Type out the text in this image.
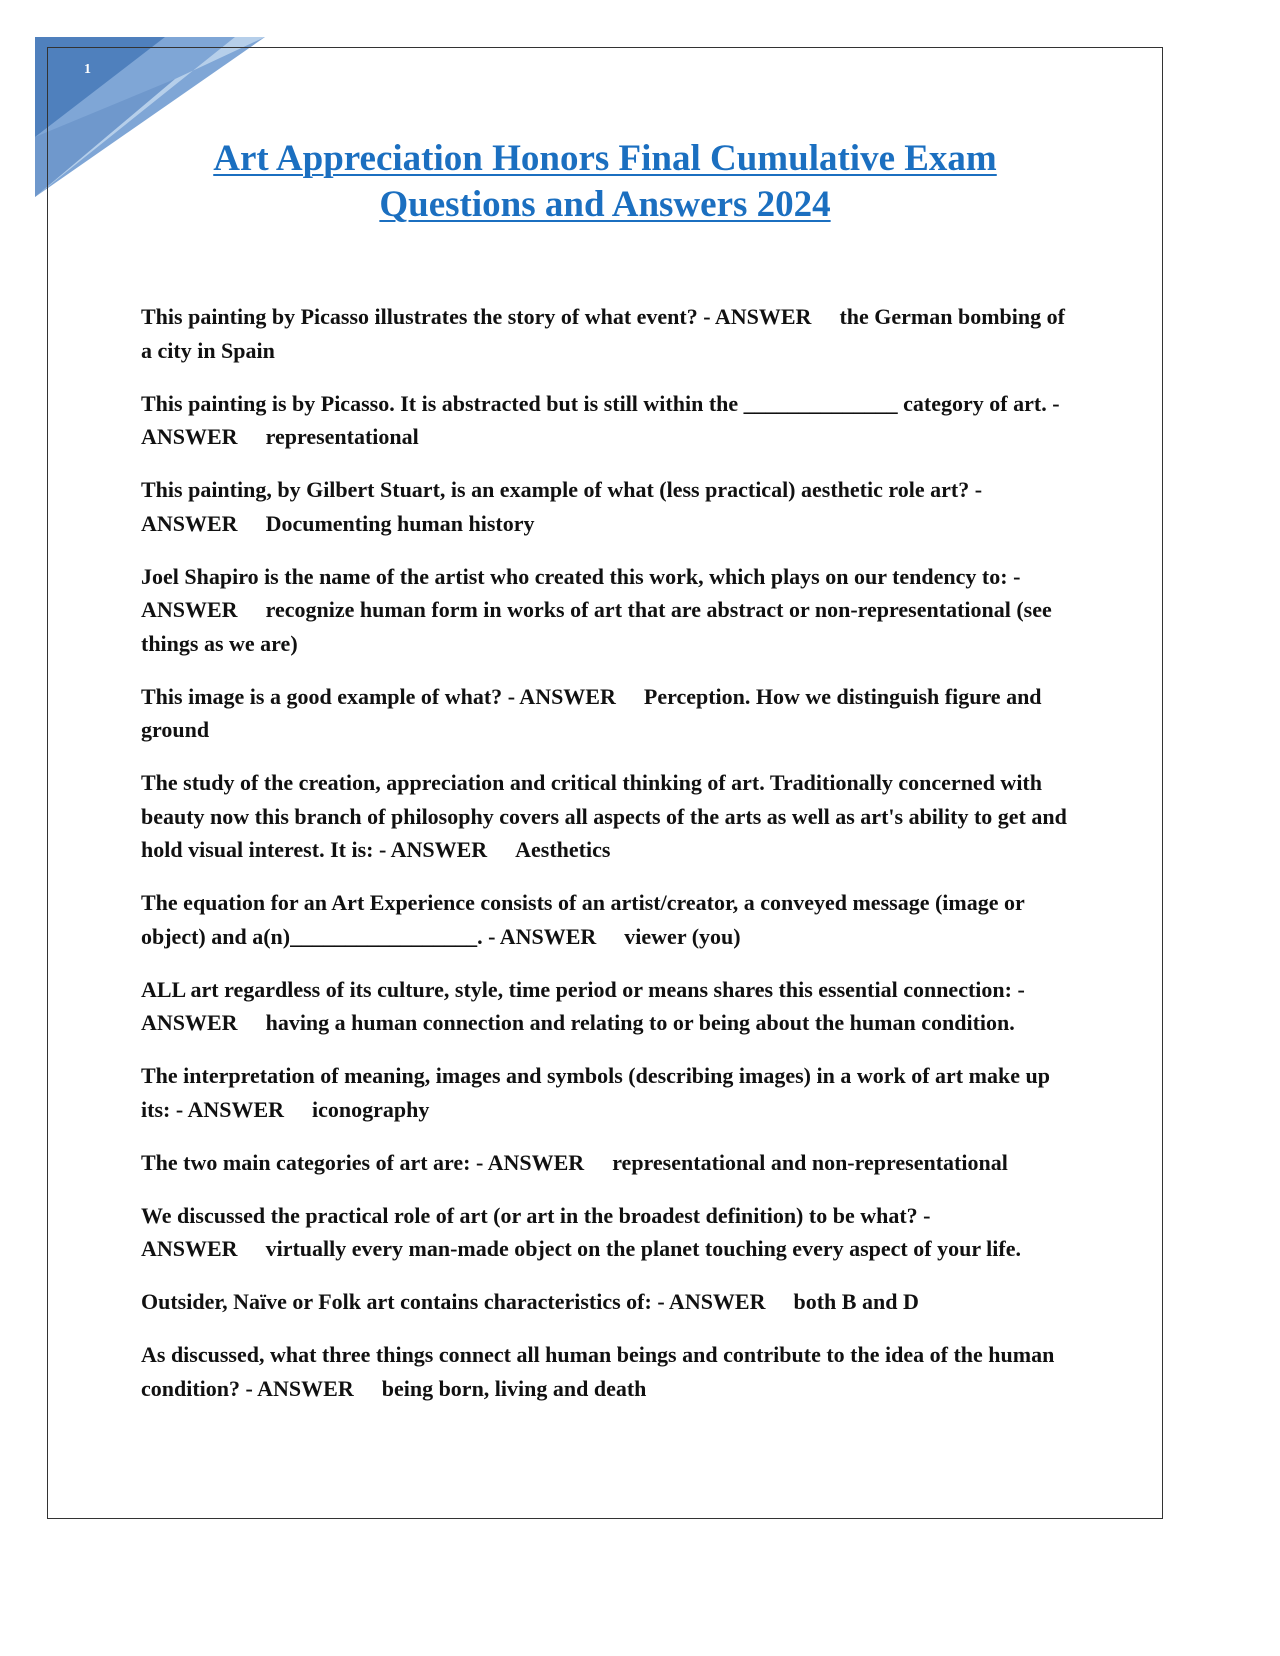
1
Art Appreciation Honors Final Cumulative Exam
Questions and Answers 2024

This painting by Picasso illustrates the story of what event? - ANSWER the German bombing of a city in Spain

This painting is by Picasso. It is abstracted but is still within the ______________ category of art. - ANSWER representational

This painting, by Gilbert Stuart, is an example of what (less practical) aesthetic role art? - ANSWER Documenting human history

Joel Shapiro is the name of the artist who created this work, which plays on our tendency to: - ANSWER recognize human form in works of art that are abstract or non-representational (see things as we are)

This image is a good example of what? - ANSWER Perception. How we distinguish figure and ground

The study of the creation, appreciation and critical thinking of art. Traditionally concerned with beauty now this branch of philosophy covers all aspects of the arts as well as art's ability to get and hold visual interest. It is: - ANSWER Aesthetics

The equation for an Art Experience consists of an artist/creator, a conveyed message (image or object) and a(n)_________________. - ANSWER viewer (you)

ALL art regardless of its culture, style, time period or means shares this essential connection: - ANSWER having a human connection and relating to or being about the human condition.

The interpretation of meaning, images and symbols (describing images) in a work of art make up its: - ANSWER iconography

The two main categories of art are: - ANSWER representational and non-representational

We discussed the practical role of art (or art in the broadest definition) to be what? - ANSWER virtually every man-made object on the planet touching every aspect of your life.

Outsider, Naïve or Folk art contains characteristics of: - ANSWER both B and D

As discussed, what three things connect all human beings and contribute to the idea of the human condition? - ANSWER being born, living and death
